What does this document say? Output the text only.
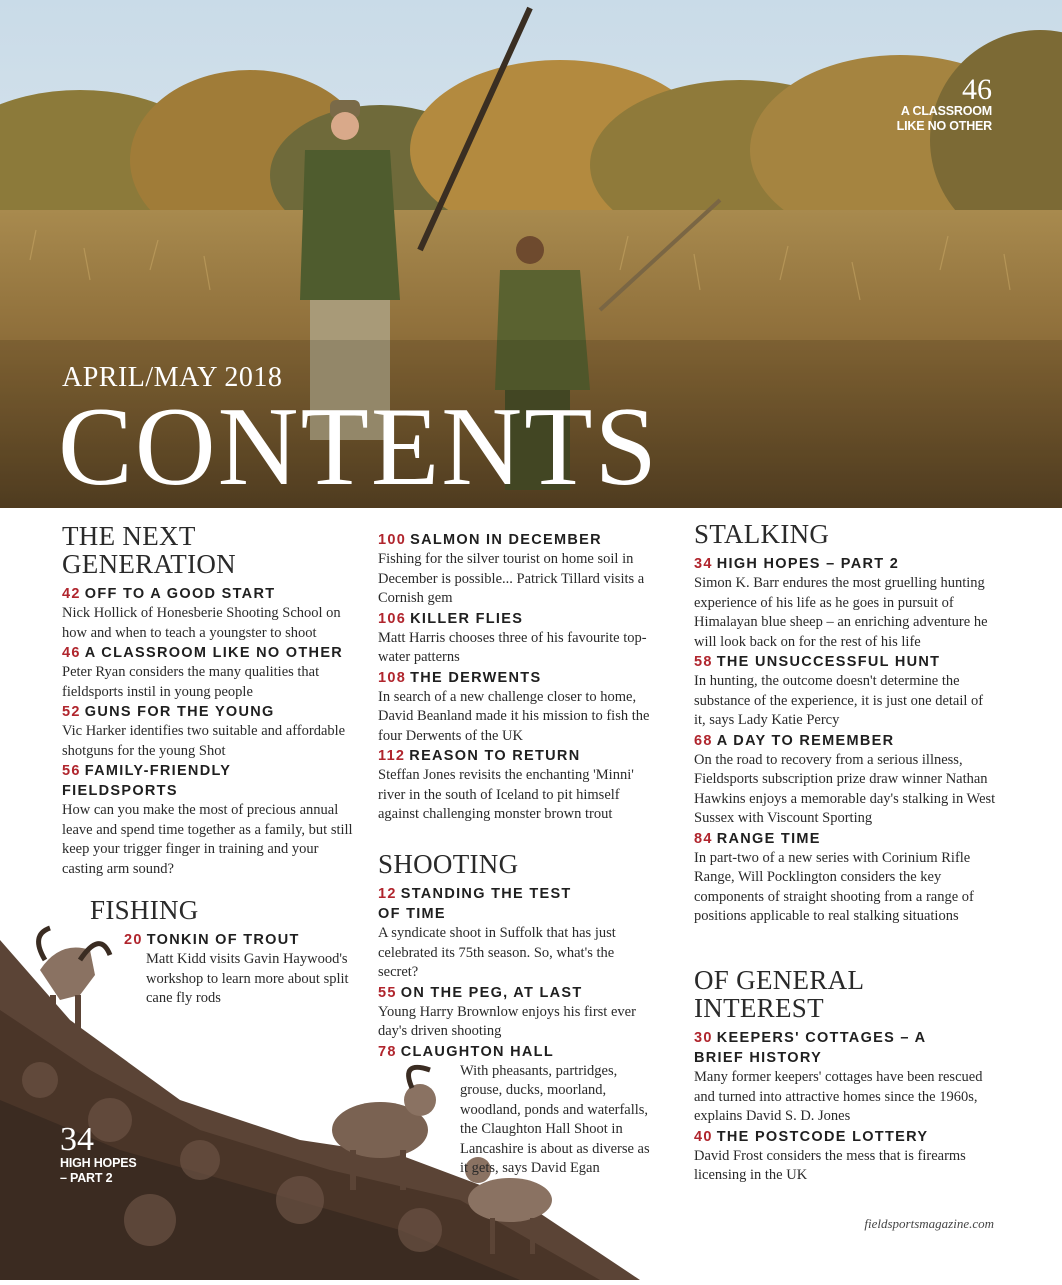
46
A CLASSROOM
LIKE NO OTHER
APRIL/MAY 2018
CONTENTS
34
HIGH HOPES
– PART 2
THE NEXT
GENERATION
42 OFF TO A GOOD START
Nick Hollick of Honesberie Shooting School on how and when to teach a youngster to shoot
46 A CLASSROOM LIKE NO OTHER
Peter Ryan considers the many qualities that fieldsports instil in young people
52 GUNS FOR THE YOUNG
Vic Harker identifies two suitable and affordable shotguns for the young Shot
56 FAMILY-FRIENDLY FIELDSPORTS
How can you make the most of precious annual leave and spend time together as a family, but still keep your trigger finger in training and your casting arm sound?
FISHING
20 TONKIN OF TROUT
Matt Kidd visits Gavin Haywood's workshop to learn more about split cane fly rods
100 SALMON IN DECEMBER
Fishing for the silver tourist on home soil in December is possible... Patrick Tillard visits a Cornish gem
106 KILLER FLIES
Matt Harris chooses three of his favourite top-water patterns
108 THE DERWENTS
In search of a new challenge closer to home, David Beanland made it his mission to fish the four Derwents of the UK
112 REASON TO RETURN
Steffan Jones revisits the enchanting 'Minni' river in the south of Iceland to pit himself against challenging monster brown trout
SHOOTING
12 STANDING THE TEST OF TIME
A syndicate shoot in Suffolk that has just celebrated its 75th season. So, what's the secret?
55 ON THE PEG, AT LAST
Young Harry Brownlow enjoys his first ever day's driven shooting
78 CLAUGHTON HALL
With pheasants, partridges, grouse, ducks, moorland, woodland, ponds and waterfalls, the Claughton Hall Shoot in Lancashire is about as diverse as it gets, says David Egan
STALKING
34 HIGH HOPES – PART 2
Simon K. Barr endures the most gruelling hunting experience of his life as he goes in pursuit of Himalayan blue sheep – an enriching adventure he will look back on for the rest of his life
58 THE UNSUCCESSFUL HUNT
In hunting, the outcome doesn't determine the substance of the experience, it is just one detail of it, says Lady Katie Percy
68 A DAY TO REMEMBER
On the road to recovery from a serious illness, Fieldsports subscription prize draw winner Nathan Hawkins enjoys a memorable day's stalking in West Sussex with Viscount Sporting
84 RANGE TIME
In part-two of a new series with Corinium Rifle Range, Will Pocklington considers the key components of straight shooting from a range of positions applicable to real stalking situations
OF GENERAL
INTEREST
30 KEEPERS' COTTAGES – A BRIEF HISTORY
Many former keepers' cottages have been rescued and turned into attractive homes since the 1960s, explains David S. D. Jones
40 THE POSTCODE LOTTERY
David Frost considers the mess that is firearms licensing in the UK
fieldsportsmagazine.com
